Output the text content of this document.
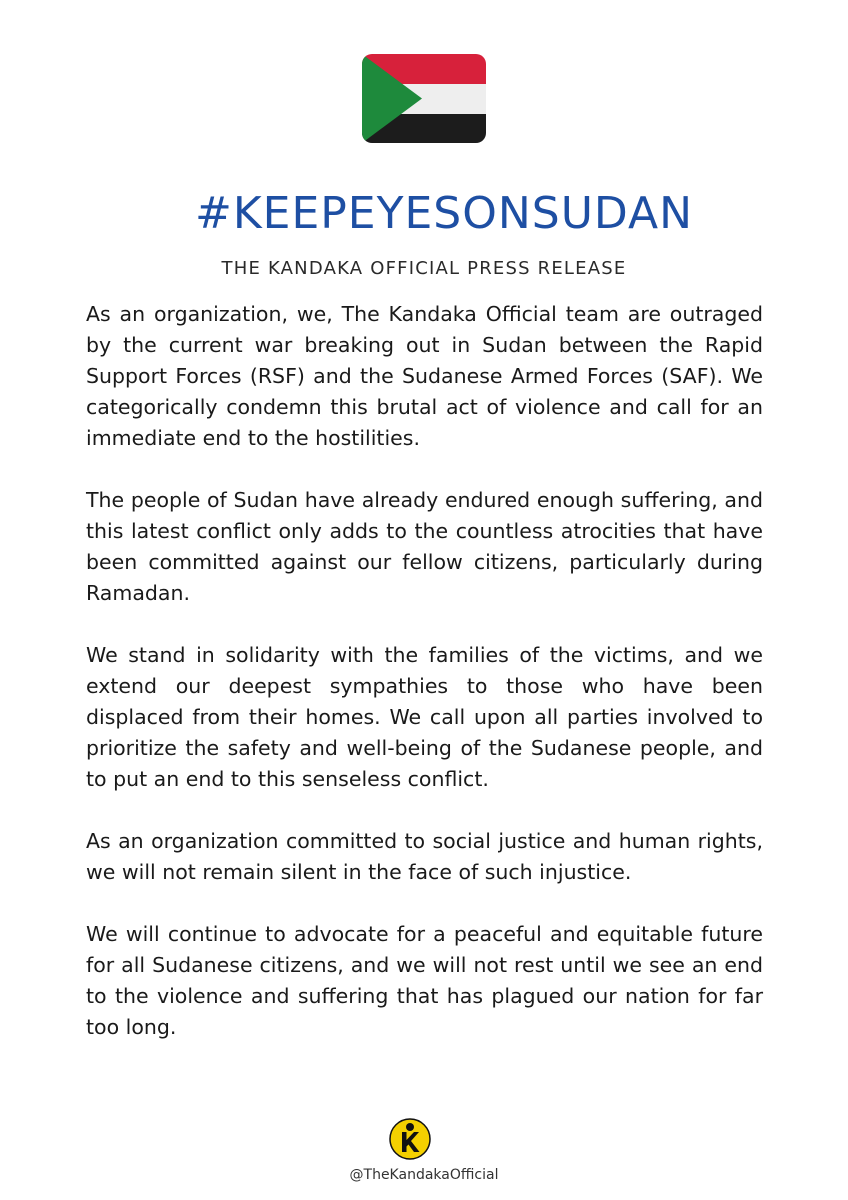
#KEEPEYESONSUDAN
THE KANDAKA OFFICIAL PRESS RELEASE

As an organization, we, The Kandaka Official team are outraged by the current war breaking out in Sudan between the Rapid Support Forces (RSF) and the Sudanese Armed Forces (SAF). We categorically condemn this brutal act of violence and call for an immediate end to the hostilities.

The people of Sudan have already endured enough suffering, and this latest conflict only adds to the countless atrocities that have been committed against our fellow citizens, particularly during Ramadan.

We stand in solidarity with the families of the victims, and we extend our deepest sympathies to those who have been displaced from their homes. We call upon all parties involved to prioritize the safety and well-being of the Sudanese people, and to put an end to this senseless conflict.

As an organization committed to social justice and human rights, we will not remain silent in the face of such injustice.

We will continue to advocate for a peaceful and equitable future for all Sudanese citizens, and we will not rest until we see an end to the violence and suffering that has plagued our nation for far too long.

@TheKandakaOfficial
